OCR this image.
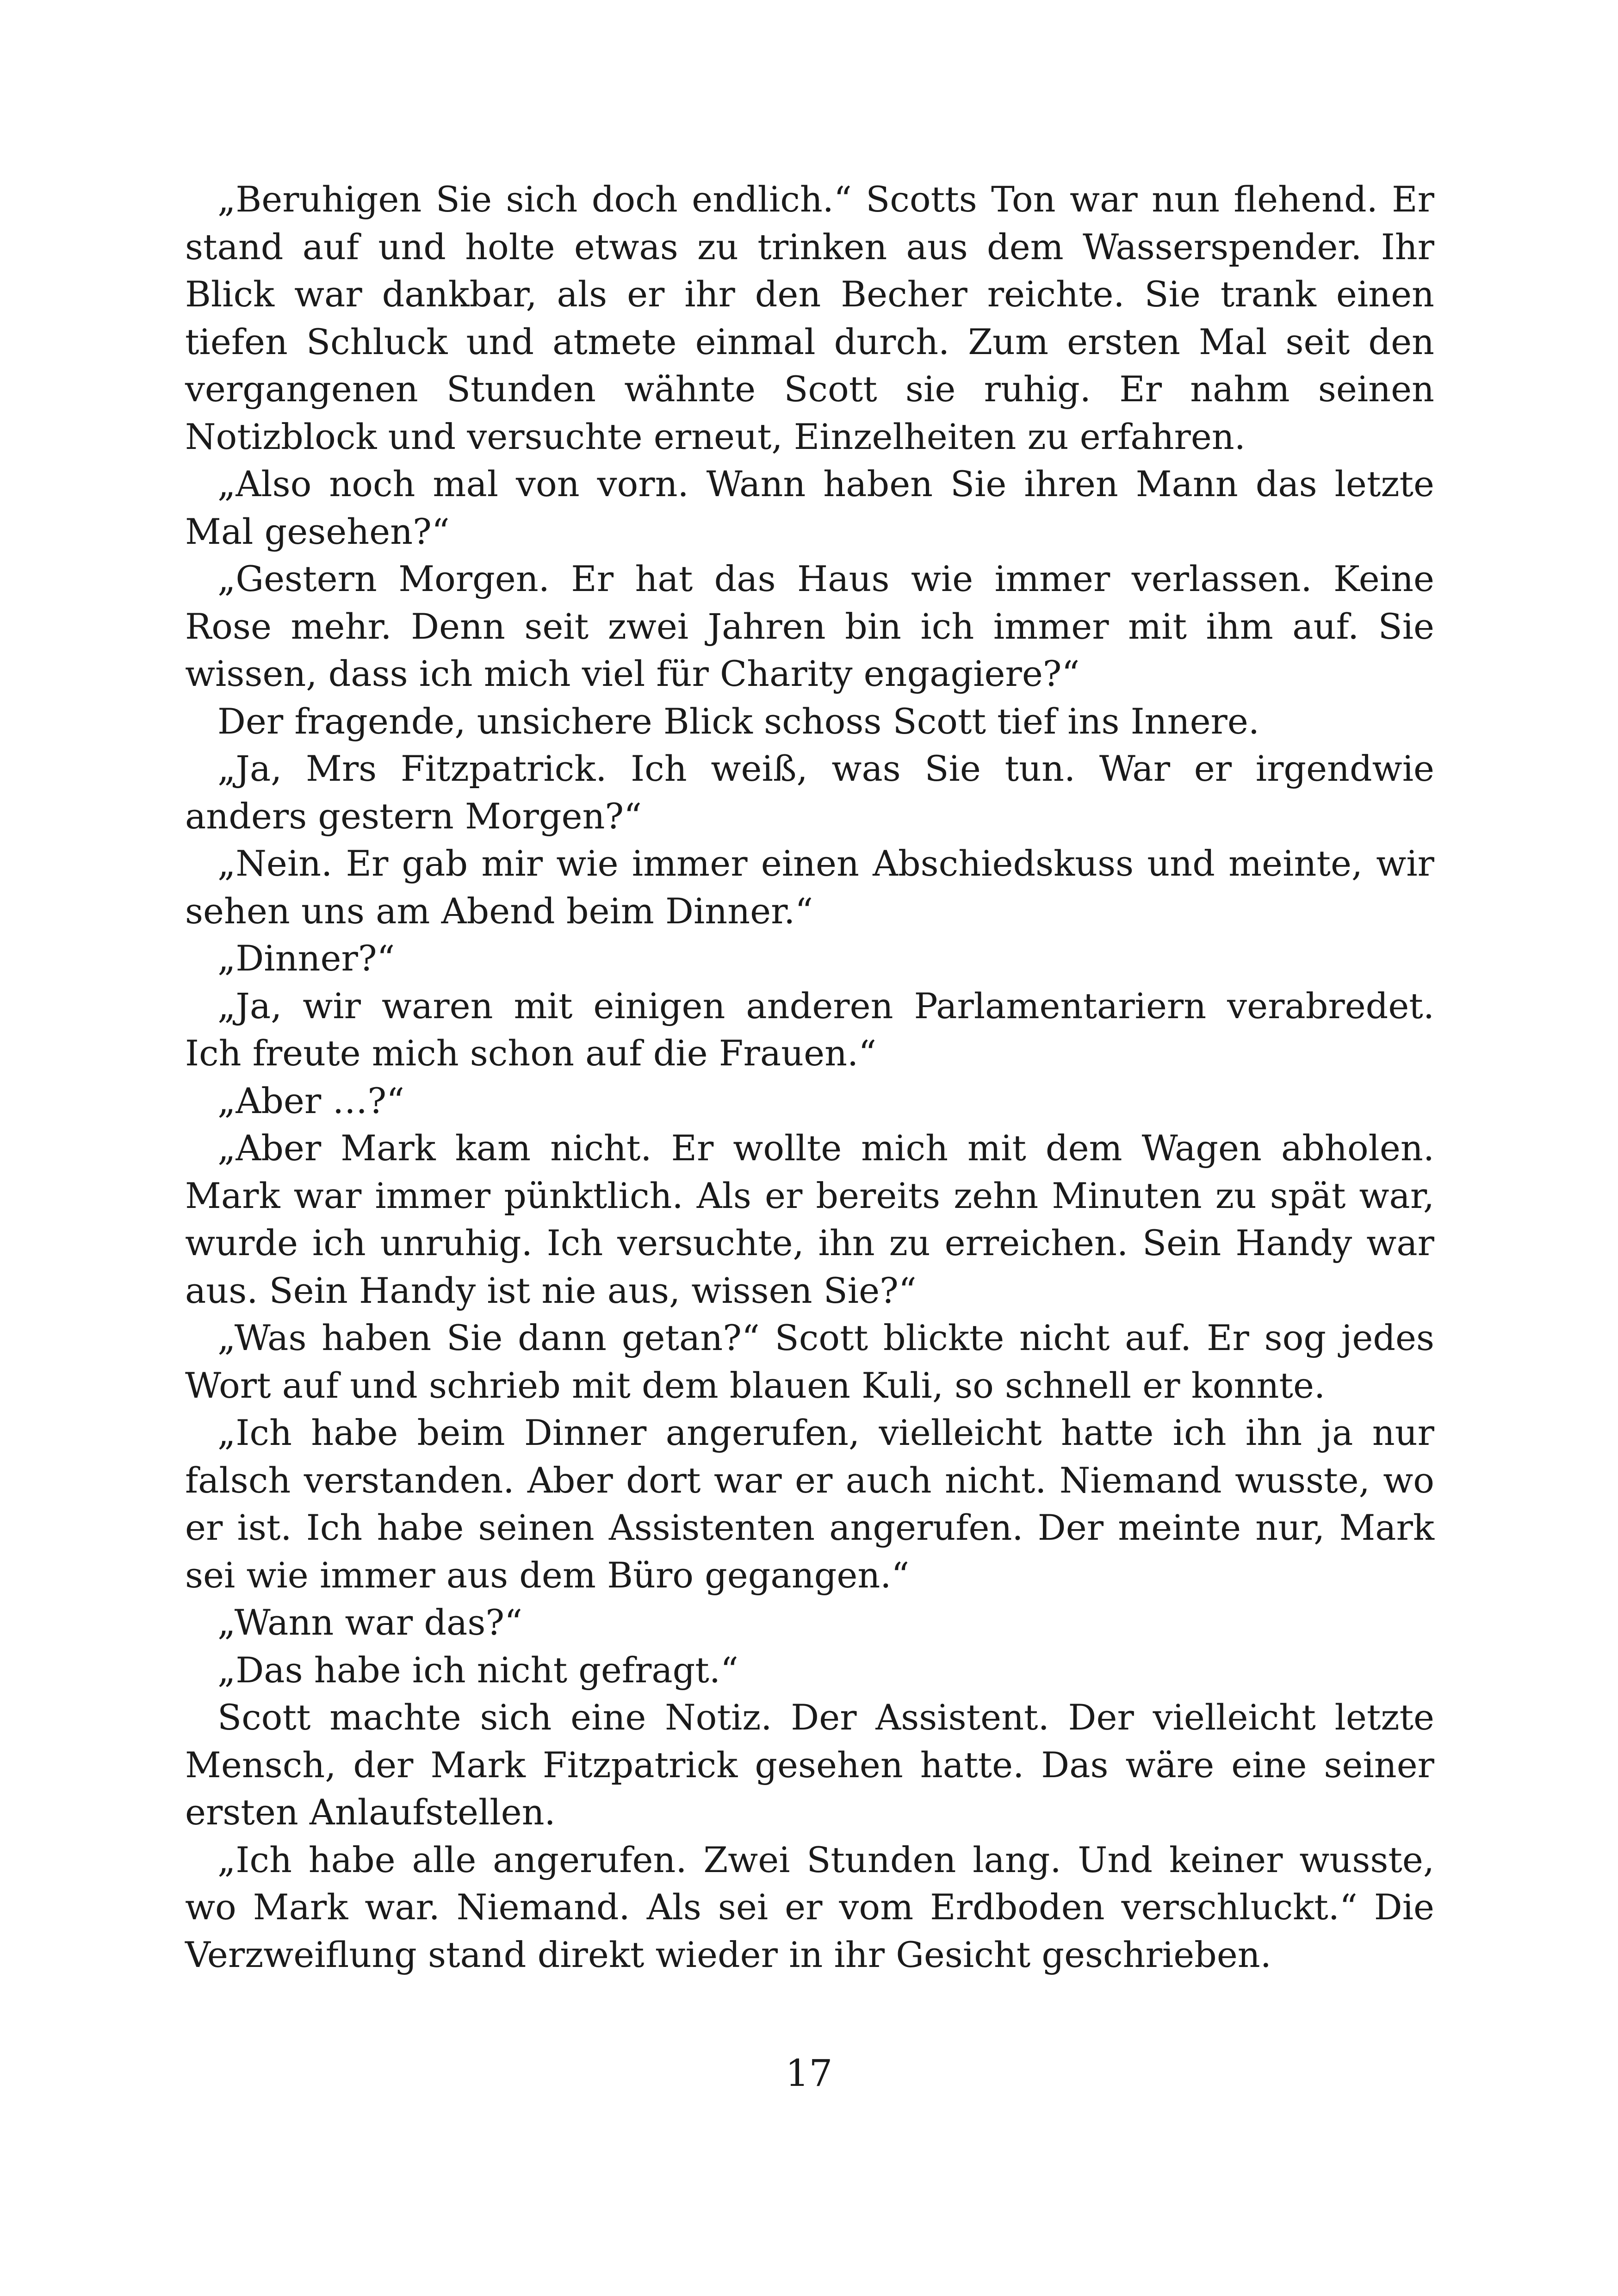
„Beruhigen Sie sich doch endlich.“ Scotts Ton war nun flehend. Er stand auf und holte etwas zu trinken aus dem Wasserspender. Ihr Blick war dankbar, als er ihr den Becher reichte. Sie trank einen tiefen Schluck und atmete einmal durch. Zum ersten Mal seit den vergangenen Stunden wähnte Scott sie ruhig. Er nahm seinen Notizblock und versuchte erneut, Einzelheiten zu erfahren.

„Also noch mal von vorn. Wann haben Sie ihren Mann das letzte Mal gesehen?“

„Gestern Morgen. Er hat das Haus wie immer verlassen. Keine Rose mehr. Denn seit zwei Jahren bin ich immer mit ihm auf. Sie wissen, dass ich mich viel für Charity engagiere?“

Der fragende, unsichere Blick schoss Scott tief ins Innere.

„Ja, Mrs Fitzpatrick. Ich weiß, was Sie tun. War er irgendwie anders gestern Morgen?“

„Nein. Er gab mir wie immer einen Abschiedskuss und meinte, wir sehen uns am Abend beim Dinner.“

„Dinner?“

„Ja, wir waren mit einigen anderen Parlamentariern verabredet. Ich freute mich schon auf die Frauen.“

„Aber …?“

„Aber Mark kam nicht. Er wollte mich mit dem Wagen abholen. Mark war immer pünktlich. Als er bereits zehn Minuten zu spät war, wurde ich unruhig. Ich versuchte, ihn zu erreichen. Sein Handy war aus. Sein Handy ist nie aus, wissen Sie?“

„Was haben Sie dann getan?“ Scott blickte nicht auf. Er sog jedes Wort auf und schrieb mit dem blauen Kuli, so schnell er konnte.

„Ich habe beim Dinner angerufen, vielleicht hatte ich ihn ja nur falsch verstanden. Aber dort war er auch nicht. Niemand wusste, wo er ist. Ich habe seinen Assistenten angerufen. Der meinte nur, Mark sei wie immer aus dem Büro gegangen.“

„Wann war das?“

„Das habe ich nicht gefragt.“

Scott machte sich eine Notiz. Der Assistent. Der vielleicht letzte Mensch, der Mark Fitzpatrick gesehen hatte. Das wäre eine seiner ersten Anlaufstellen.

„Ich habe alle angerufen. Zwei Stunden lang. Und keiner wusste, wo Mark war. Niemand. Als sei er vom Erdboden verschluckt.“ Die Verzweiflung stand direkt wieder in ihr Gesicht geschrieben.

17
